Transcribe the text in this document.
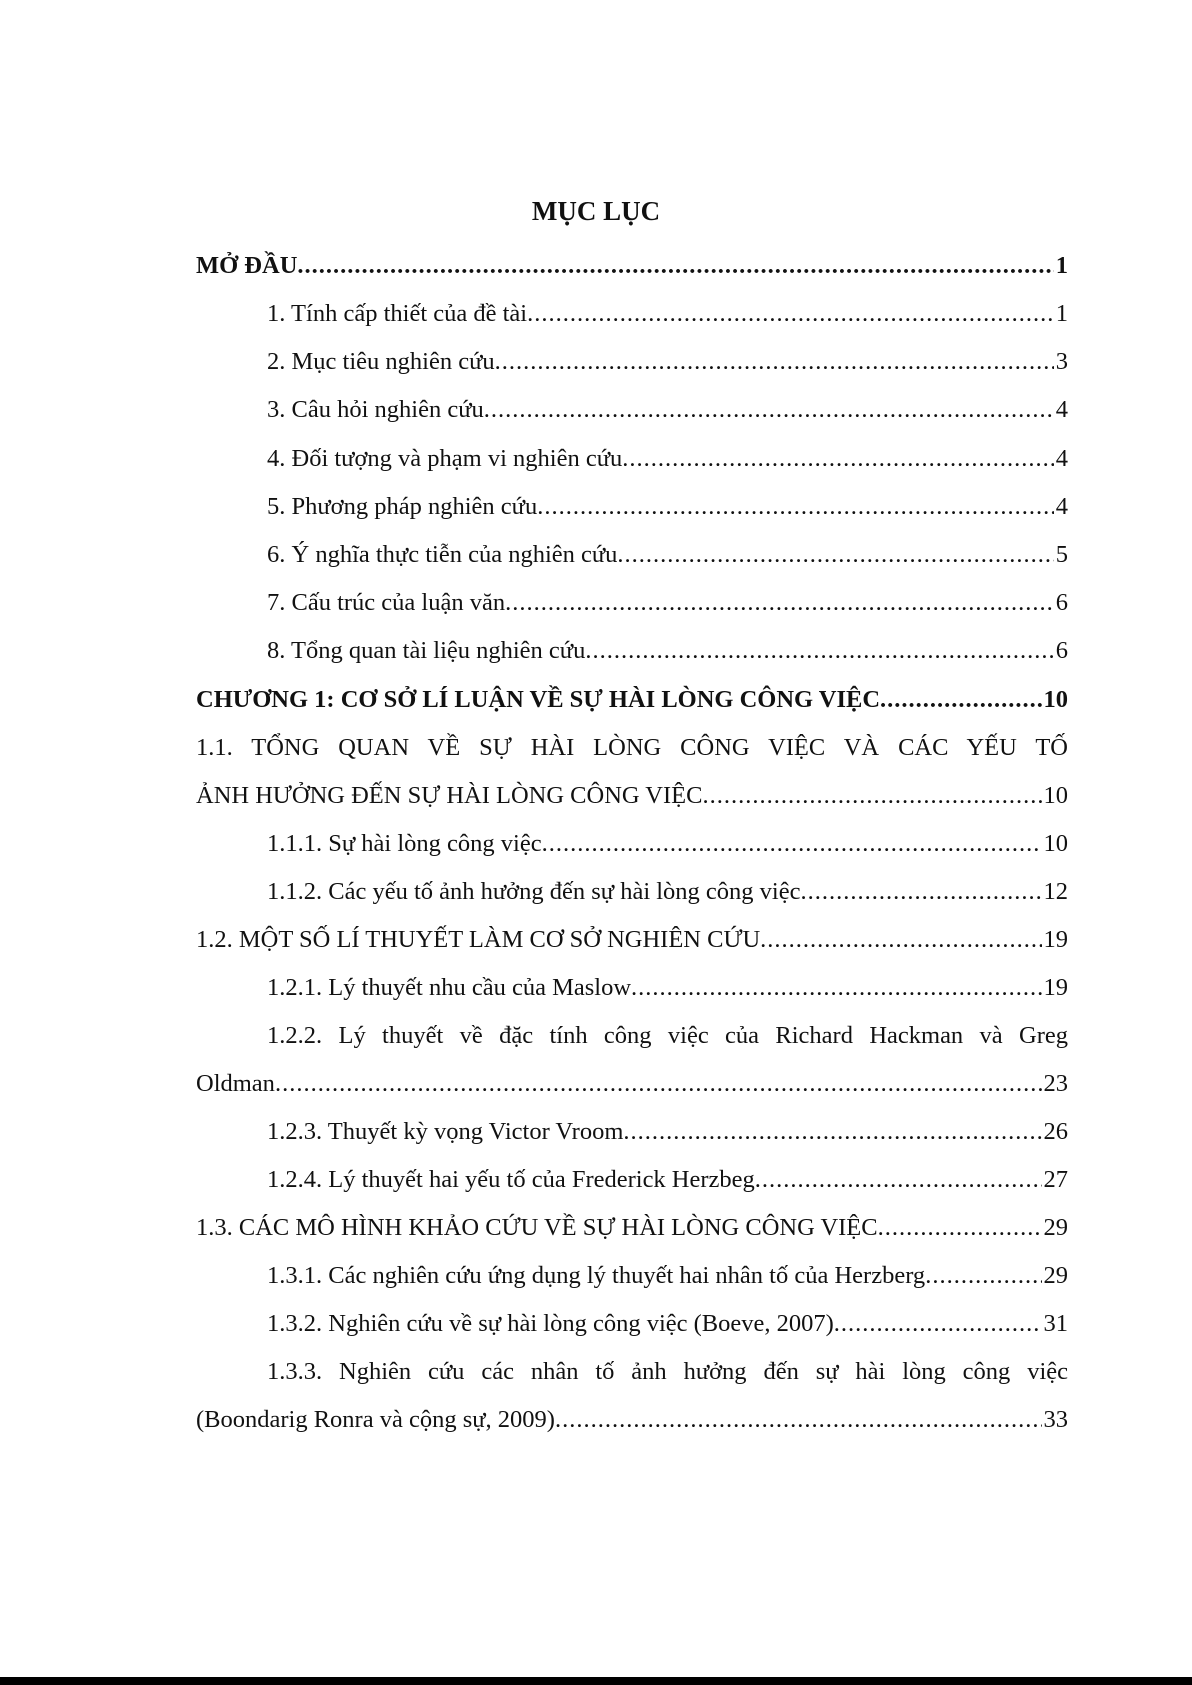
MỤC LỤC
MỞ ĐẦU .....	1
1. Tính cấp thiết của đề tài .....	1
2. Mục tiêu nghiên cứu .....	3
3. Câu hỏi nghiên cứu .....	4
4. Đối tượng và phạm vi nghiên cứu .....	4
5. Phương pháp nghiên cứu .....	4
6. Ý nghĩa thực tiễn của nghiên cứu .....	5
7. Cấu trúc của luận văn .....	6
8. Tổng quan tài liệu nghiên cứu .....	6
CHƯƠNG 1: CƠ SỞ LÍ LUẬN VỀ SỰ HÀI LÒNG CÔNG VIỆC .....	10
1.1. TỔNG QUAN VỀ SỰ HÀI LÒNG CÔNG VIỆC VÀ CÁC YẾU TỐ
ẢNH HƯỞNG ĐẾN SỰ HÀI LÒNG CÔNG VIỆC .....	10
1.1.1. Sự hài lòng công việc .....	10
1.1.2. Các yếu tố ảnh hưởng đến sự hài lòng công việc .....	12
1.2. MỘT SỐ LÍ THUYẾT LÀM CƠ SỞ NGHIÊN CỨU .....	19
1.2.1. Lý thuyết nhu cầu của Maslow .....	19
1.2.2. Lý thuyết về đặc tính công việc của Richard Hackman và Greg
Oldman .....	23
1.2.3. Thuyết kỳ vọng Victor Vroom .....	26
1.2.4. Lý thuyết hai yếu tố của Frederick Herzbeg .....	27
1.3. CÁC MÔ HÌNH KHẢO CỨU VỀ SỰ HÀI LÒNG CÔNG VIỆC .....	29
1.3.1. Các nghiên cứu ứng dụng lý thuyết hai nhân tố của Herzberg .....	29
1.3.2. Nghiên cứu về sự hài lòng công việc (Boeve, 2007) .....	31
1.3.3. Nghiên cứu các nhân tố ảnh hưởng đến sự hài lòng công việc
(Boondarig Ronra và cộng sự, 2009) .....	33
